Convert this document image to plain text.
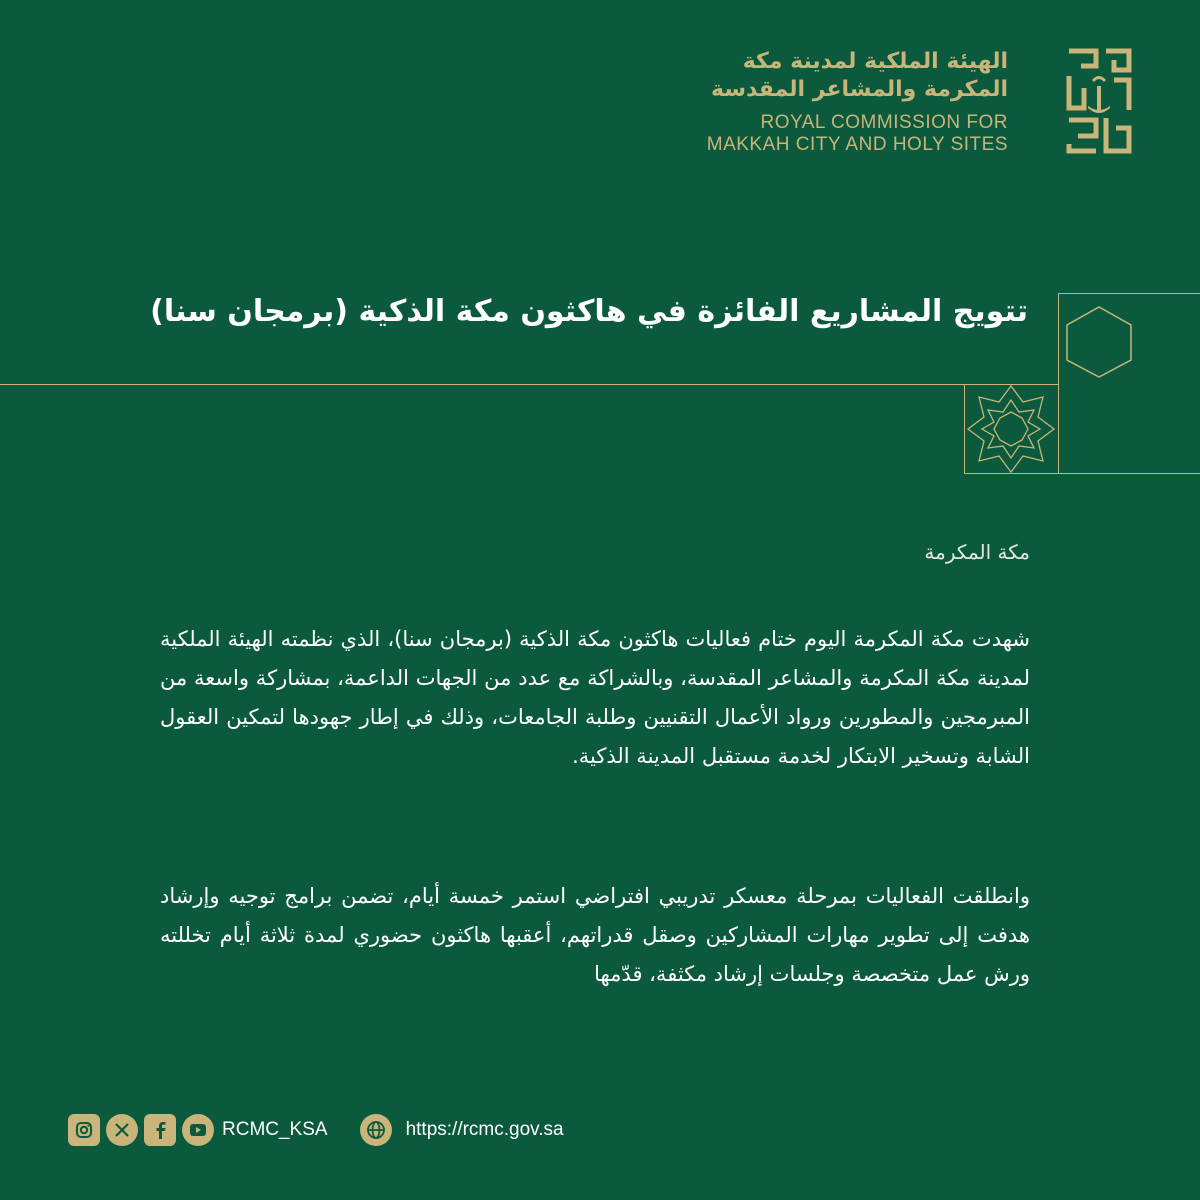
الهيئة الملكية لمدينة مكة
المكرمة والمشاعر المقدسة
ROYAL COMMISSION FOR
MAKKAH CITY AND HOLY SITES
تتويج المشاريع الفائزة في هاكثون مكة الذكية (برمجان سنا)
مكة المكرمة

شهدت مكة المكرمة اليوم ختام فعاليات هاكثون مكة الذكية (برمجان سنا)، الذي نظمته الهيئة الملكية لمدينة مكة المكرمة والمشاعر المقدسة، وبالشراكة مع عدد من الجهات الداعمة، بمشاركة واسعة من المبرمجين والمطورين ورواد الأعمال التقنيين وطلبة الجامعات، وذلك في إطار جهودها لتمكين العقول الشابة وتسخير الابتكار لخدمة مستقبل المدينة الذكية.

وانطلقت الفعاليات بمرحلة معسكر تدريبي افتراضي استمر خمسة أيام، تضمن برامج توجيه وإرشاد هدفت إلى تطوير مهارات المشاركين وصقل قدراتهم، أعقبها هاكثون حضوري لمدة ثلاثة أيام تخللته ورش عمل متخصصة وجلسات إرشاد مكثفة، قدّمها

RCMC_KSA	https://rcmc.gov.sa
